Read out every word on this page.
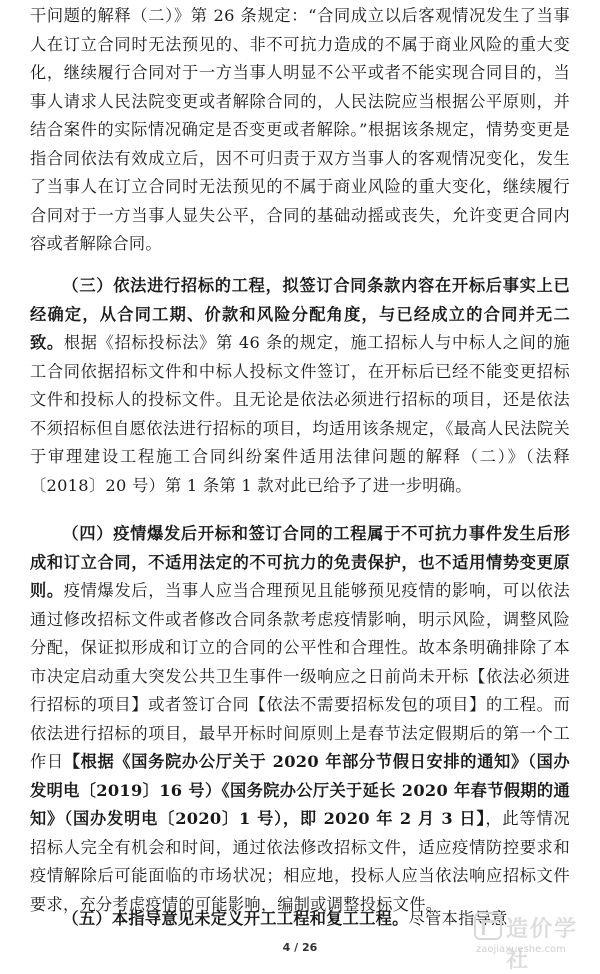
干问题的解释（二）》第 26 条规定：“合同成立以后客观情况发生了当事人在订立合同时无法预见的、非不可抗力造成的不属于商业风险的重大变化，继续履行合同对于一方当事人明显不公平或者不能实现合同目的，当事人请求人民法院变更或者解除合同的，人民法院应当根据公平原则，并结合案件的实际情况确定是否变更或者解除。”根据该条规定，情势变更是指合同依法有效成立后，因不可归责于双方当事人的客观情况变化，发生了当事人在订立合同时无法预见的不属于商业风险的重大变化，继续履行合同对于一方当事人显失公平，合同的基础动摇或丧失，允许变更合同内容或者解除合同。

（三）依法进行招标的工程，拟签订合同条款内容在开标后事实上已经确定，从合同工期、价款和风险分配角度，与已经成立的合同并无二致。根据《招标投标法》第 46 条的规定，施工招标人与中标人之间的施工合同依据招标文件和中标人投标文件签订，在开标后已经不能变更招标文件和投标人的投标文件。且无论是依法必须进行招标的项目，还是依法不须招标但自愿依法进行招标的项目，均适用该条规定，《最高人民法院关于审理建设工程施工合同纠纷案件适用法律问题的解释（二）》（法释〔2018〕20 号）第 1 条第 1 款对此已给予了进一步明确。

（四）疫情爆发后开标和签订合同的工程属于不可抗力事件发生后形成和订立合同，不适用法定的不可抗力的免责保护，也不适用情势变更原则。疫情爆发后，当事人应当合理预见且能够预见疫情的影响，可以依法通过修改招标文件或者修改合同条款考虑疫情影响，明示风险，调整风险分配，保证拟形成和订立的合同的公平性和合理性。故本条明确排除了本市决定启动重大突发公共卫生事件一级响应之日前尚未开标【依法必须进行招标的项目】或者签订合同【依法不需要招标发包的项目】的工程。而依法进行招标的项目，最早开标时间原则上是春节法定假期后的第一个工作日【根据《国务院办公厅关于 2020 年部分节假日安排的通知》（国办发明电〔2019〕16 号）《国务院办公厅关于延长 2020 年春节假期的通知》（国办发明电〔2020〕1 号），即 2020 年 2 月 3 日】，此等情况招标人完全有机会和时间，通过依法修改招标文件，适应疫情防控要求和疫情解除后可能面临的市场状况；相应地，投标人应当依法响应招标文件要求，充分考虑疫情的可能影响，编制或调整投标文件。

（五）本指导意见未定义开工工程和复工工程。尽管本指导意

4 / 26
造价学社
zaojiaxueshe.com
